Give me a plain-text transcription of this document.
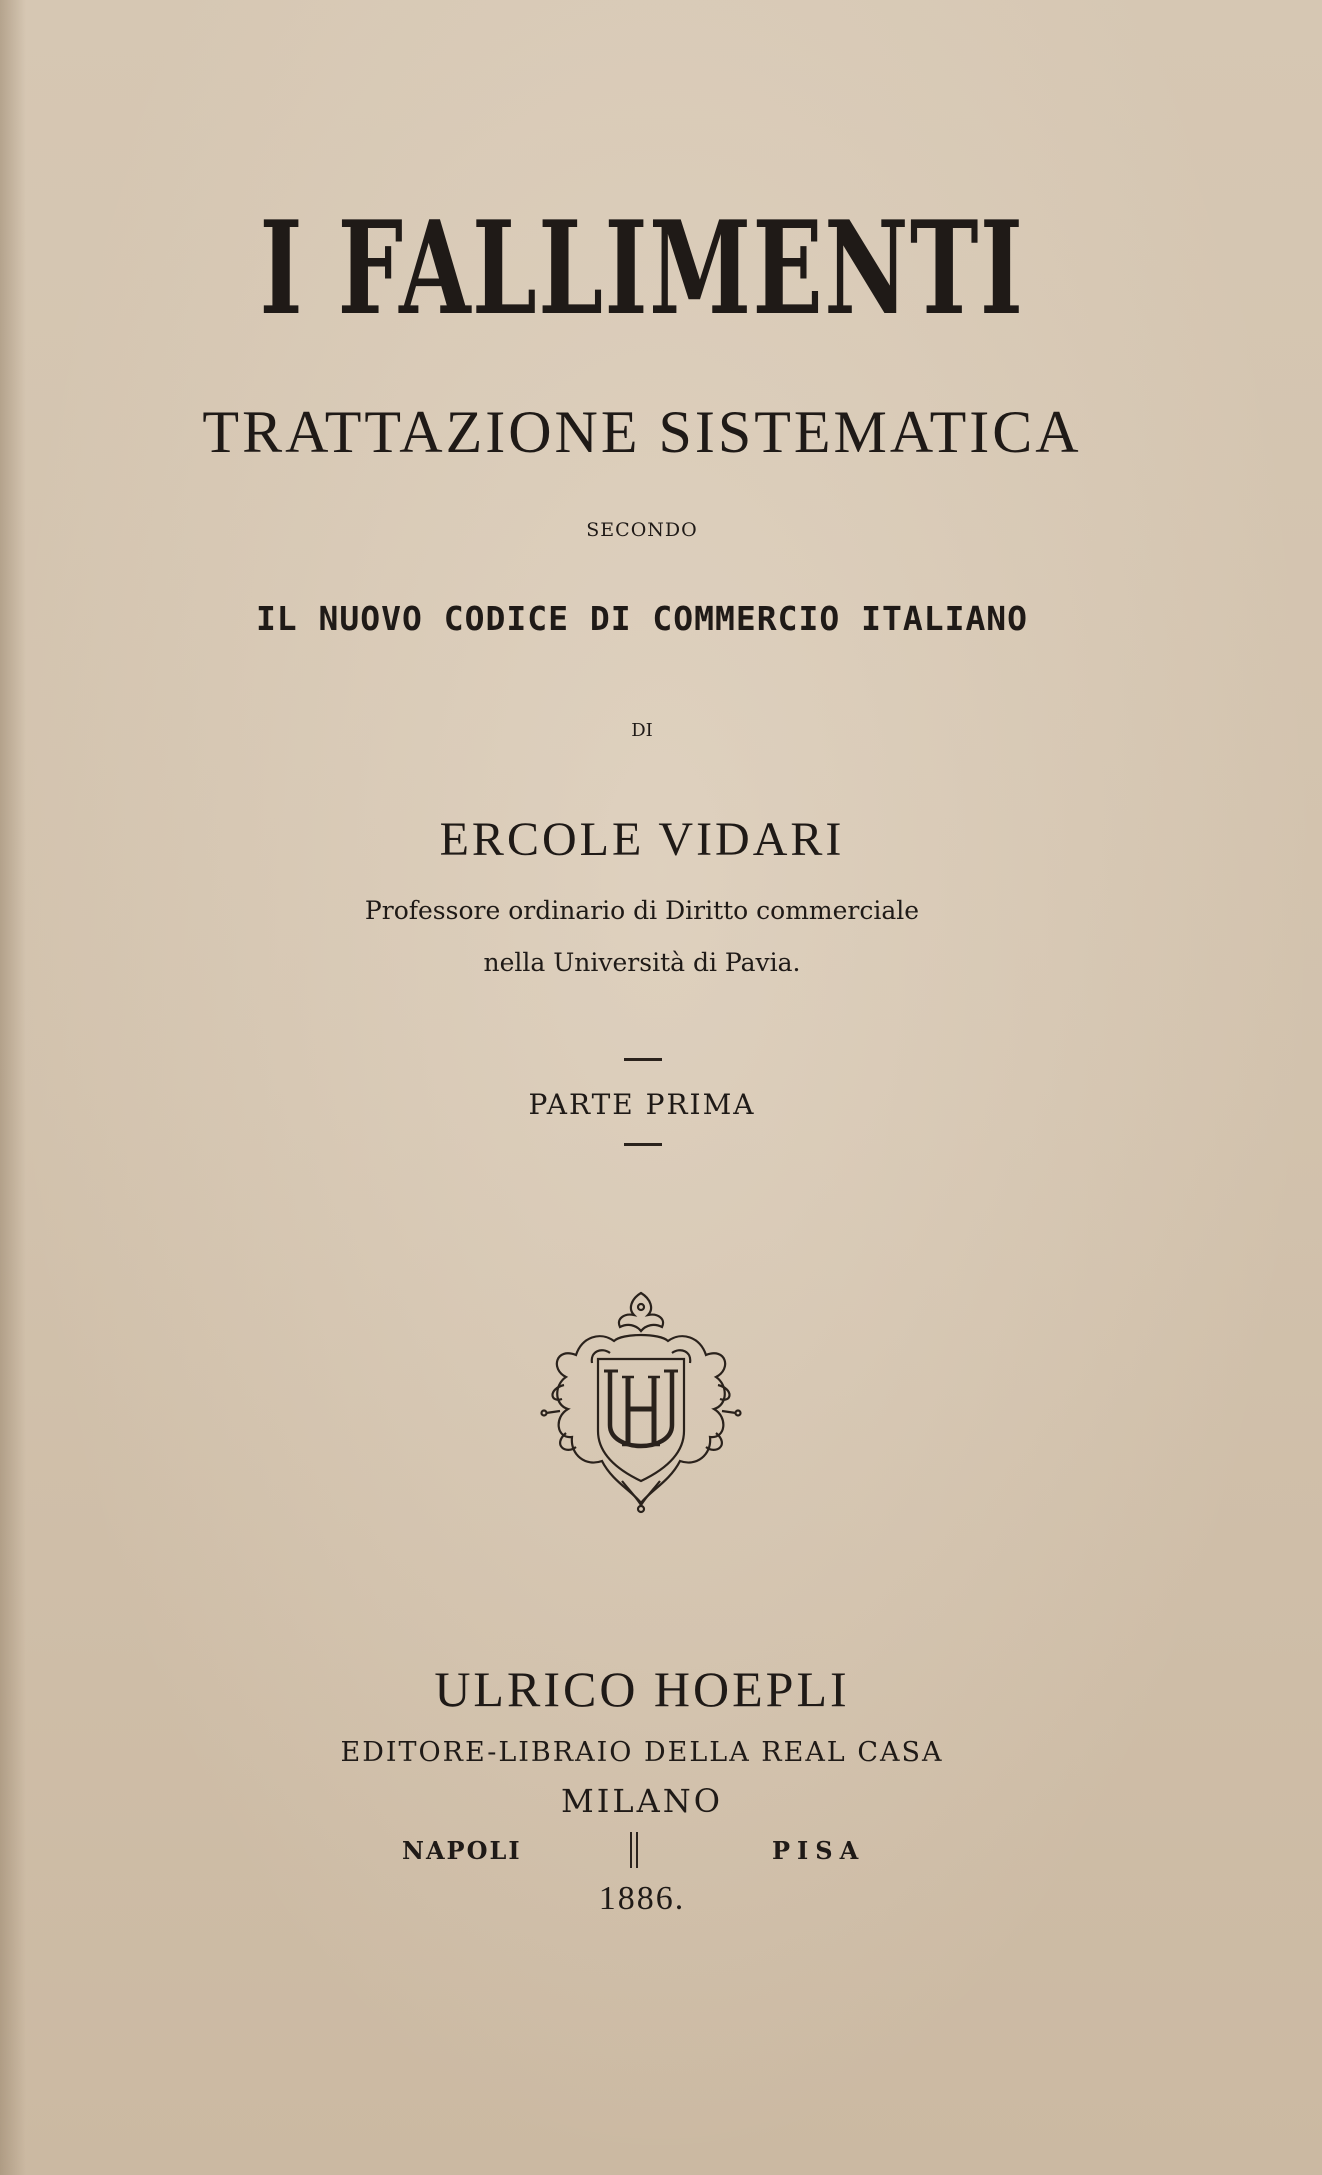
I FALLIMENTI
TRATTAZIONE SISTEMATICA
SECONDO
IL NUOVO CODICE DI COMMERCIO ITALIANO
DI
ERCOLE VIDARI
Professore ordinario di Diritto commerciale
nella Università di Pavia.
PARTE PRIMA
ULRICO HOEPLI
EDITORE-LIBRAIO DELLA REAL CASA
MILANO
NAPOLI	PISA
1886.
